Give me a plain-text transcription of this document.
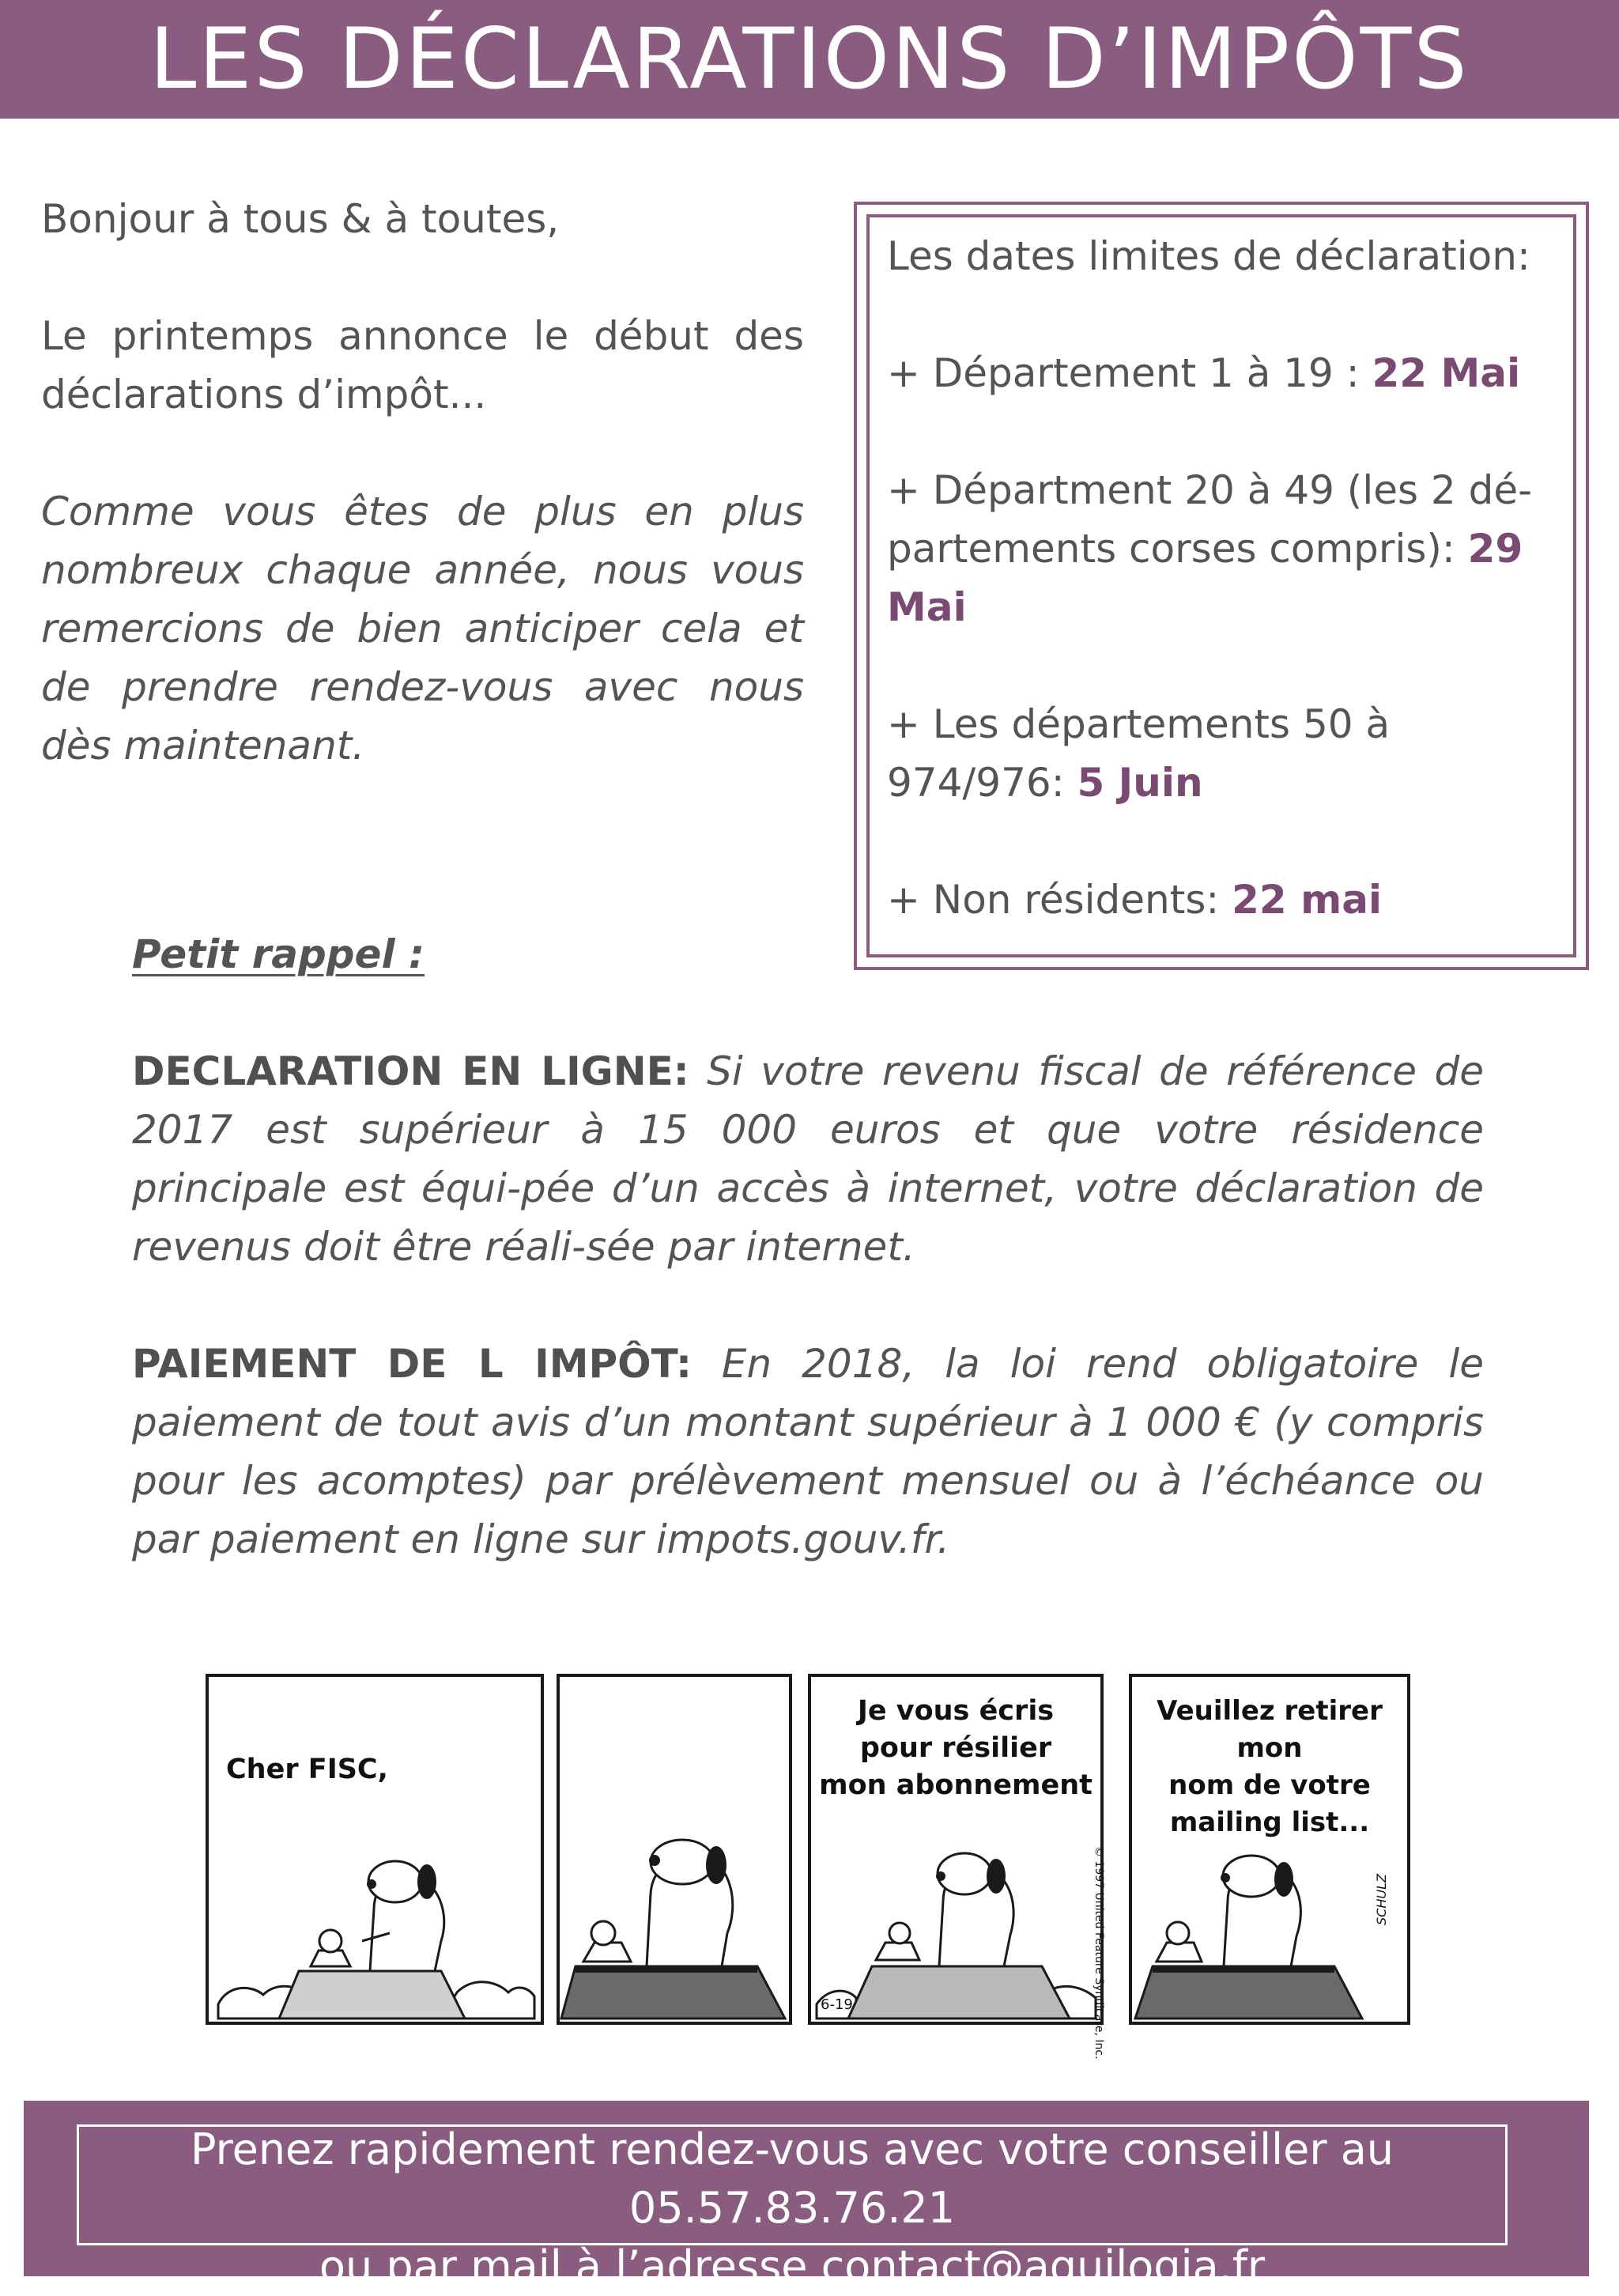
LES DÉCLARATIONS D’IMPÔTS

Bonjour à tous & à toutes,

Le printemps annonce le début des déclarations d’impôt...

Comme vous êtes de plus en plus nombreux chaque année, nous vous remercions de bien anticiper cela et de prendre rendez-vous avec nous dès maintenant.

Les dates limites de déclaration:

+ Département 1 à 19 : 22 Mai

+ Départment 20 à 49 (les 2 dé-partements corses compris): 29 Mai

+ Les départements 50 à 974/976: 5 Juin

+ Non résidents: 22 mai

Petit rappel :

DECLARATION EN LIGNE: Si votre revenu fiscal de référence de 2017 est supérieur à 15 000 euros et que votre résidence principale est équi-pée d’un accès à internet, votre déclaration de revenus doit être réali-sée par internet.

PAIEMENT DE L IMPÔT: En 2018, la loi rend obligatoire le paiement de tout avis d’un montant supérieur à 1 000 € (y compris pour les acomptes) par prélèvement mensuel ou à l’échéance ou par paiement en ligne sur impots.gouv.fr.

Cher FISC,
Je vous écris
pour résilier
mon abonnement
Veuillez retirer mon
nom de votre
mailing list...
© 1997 United Feature Syndicate, Inc.	SCHULZ
6-19

Prenez rapidement rendez-vous avec votre conseiller au 05.57.83.76.21

ou par mail à l’adresse contact@aquilogia.fr
